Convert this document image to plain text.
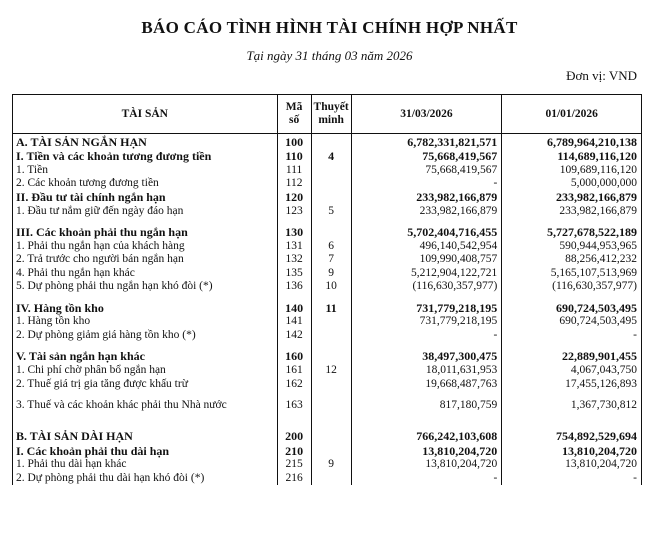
BÁO CÁO TÌNH HÌNH TÀI CHÍNH HỢP NHẤT
Tại ngày 31 tháng 03 năm 2026
Đơn vị: VND
TÀI SẢN	Mã số	Thuyết minh	31/03/2026	01/01/2026
A. TÀI SẢN NGẮN HẠN	100		6,782,331,821,571	6,789,964,210,138
I. Tiền và các khoản tương đương tiền	110	4	75,668,419,567	114,689,116,120
1. Tiền	111		75,668,419,567	109,689,116,120
2. Các khoản tương đương tiền	112		-	5,000,000,000
II. Đầu tư tài chính ngắn hạn	120		233,982,166,879	233,982,166,879
1. Đầu tư nắm giữ đến ngày đáo hạn	123	5	233,982,166,879	233,982,166,879

III. Các khoản phải thu ngắn hạn	130		5,702,404,716,455	5,727,678,522,189
1. Phải thu ngắn hạn của khách hàng	131	6	496,140,542,954	590,944,953,965
2. Trả trước cho người bán ngắn hạn	132	7	109,990,408,757	88,256,412,232
4. Phải thu ngắn hạn khác	135	9	5,212,904,122,721	5,165,107,513,969
5. Dự phòng phải thu ngắn hạn khó đòi (*)	136	10	(116,630,357,977)	(116,630,357,977)

IV. Hàng tồn kho	140	11	731,779,218,195	690,724,503,495
1. Hàng tồn kho	141		731,779,218,195	690,724,503,495
2. Dự phòng giảm giá hàng tồn kho (*)	142		-	-

V. Tài sản ngắn hạn khác	160		38,497,300,475	22,889,901,455
1. Chi phí chờ phân bổ ngắn hạn	161	12	18,011,631,953	4,067,043,750
2. Thuế giá trị gia tăng được khấu trừ	162		19,668,487,763	17,455,126,893

3. Thuế và các khoản khác phải thu Nhà nước	163		817,180,759	1,367,730,812

B. TÀI SẢN DÀI HẠN	200		766,242,103,608	754,892,529,694
I. Các khoản phải thu dài hạn	210		13,810,204,720	13,810,204,720
1. Phải thu dài hạn khác	215	9	13,810,204,720	13,810,204,720
2. Dự phòng phải thu dài hạn khó đòi (*)	216		-	-
